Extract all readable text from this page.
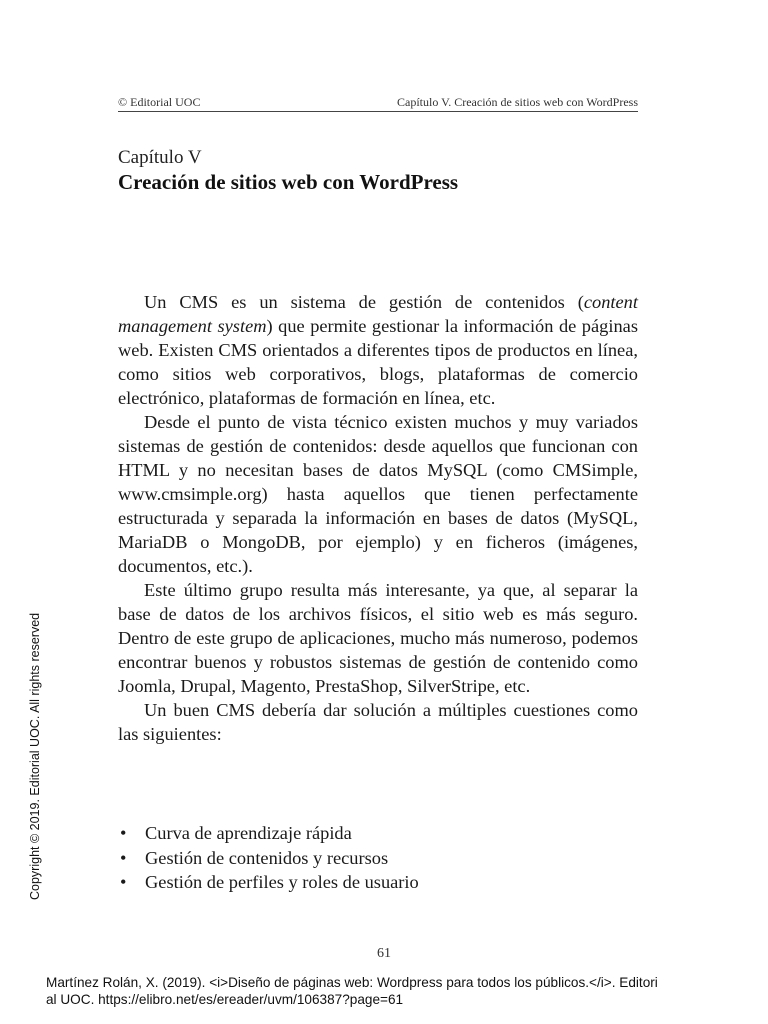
© Editorial UOC	Capítulo V. Creación de sitios web con WordPress
Capítulo V
Creación de sitios web con WordPress

Un CMS es un sistema de gestión de contenidos (content management system) que permite gestionar la información de páginas web. Existen CMS orientados a diferentes tipos de productos en línea, como sitios web corporativos, blogs, plataformas de comercio electrónico, plataformas de formación en línea, etc.

Desde el punto de vista técnico existen muchos y muy variados sistemas de gestión de contenidos: desde aquellos que funcionan con HTML y no necesitan bases de datos MySQL (como CMSimple, www.cmsimple.org) hasta aquellos que tienen perfectamente estructurada y separada la información en bases de datos (MySQL, MariaDB o MongoDB, por ejemplo) y en ficheros (imágenes, documentos, etc.).

Este último grupo resulta más interesante, ya que, al separar la base de datos de los archivos físicos, el sitio web es más seguro. Dentro de este grupo de aplicaciones, mucho más numeroso, podemos encontrar buenos y robustos sistemas de gestión de contenido como Joomla, Drupal, Magento, PrestaShop, SilverStripe, etc.

Un buen CMS debería dar solución a múltiples cuestiones como las siguientes:

• Curva de aprendizaje rápida
• Gestión de contenidos y recursos
• Gestión de perfiles y roles de usuario
61
Copyright © 2019. Editorial UOC. All rights reserved
Martínez Rolán, X. (2019). <i>Diseño de páginas web: Wordpress para todos los públicos.</i>. Editori
al UOC. https://elibro.net/es/ereader/uvm/106387?page=61
